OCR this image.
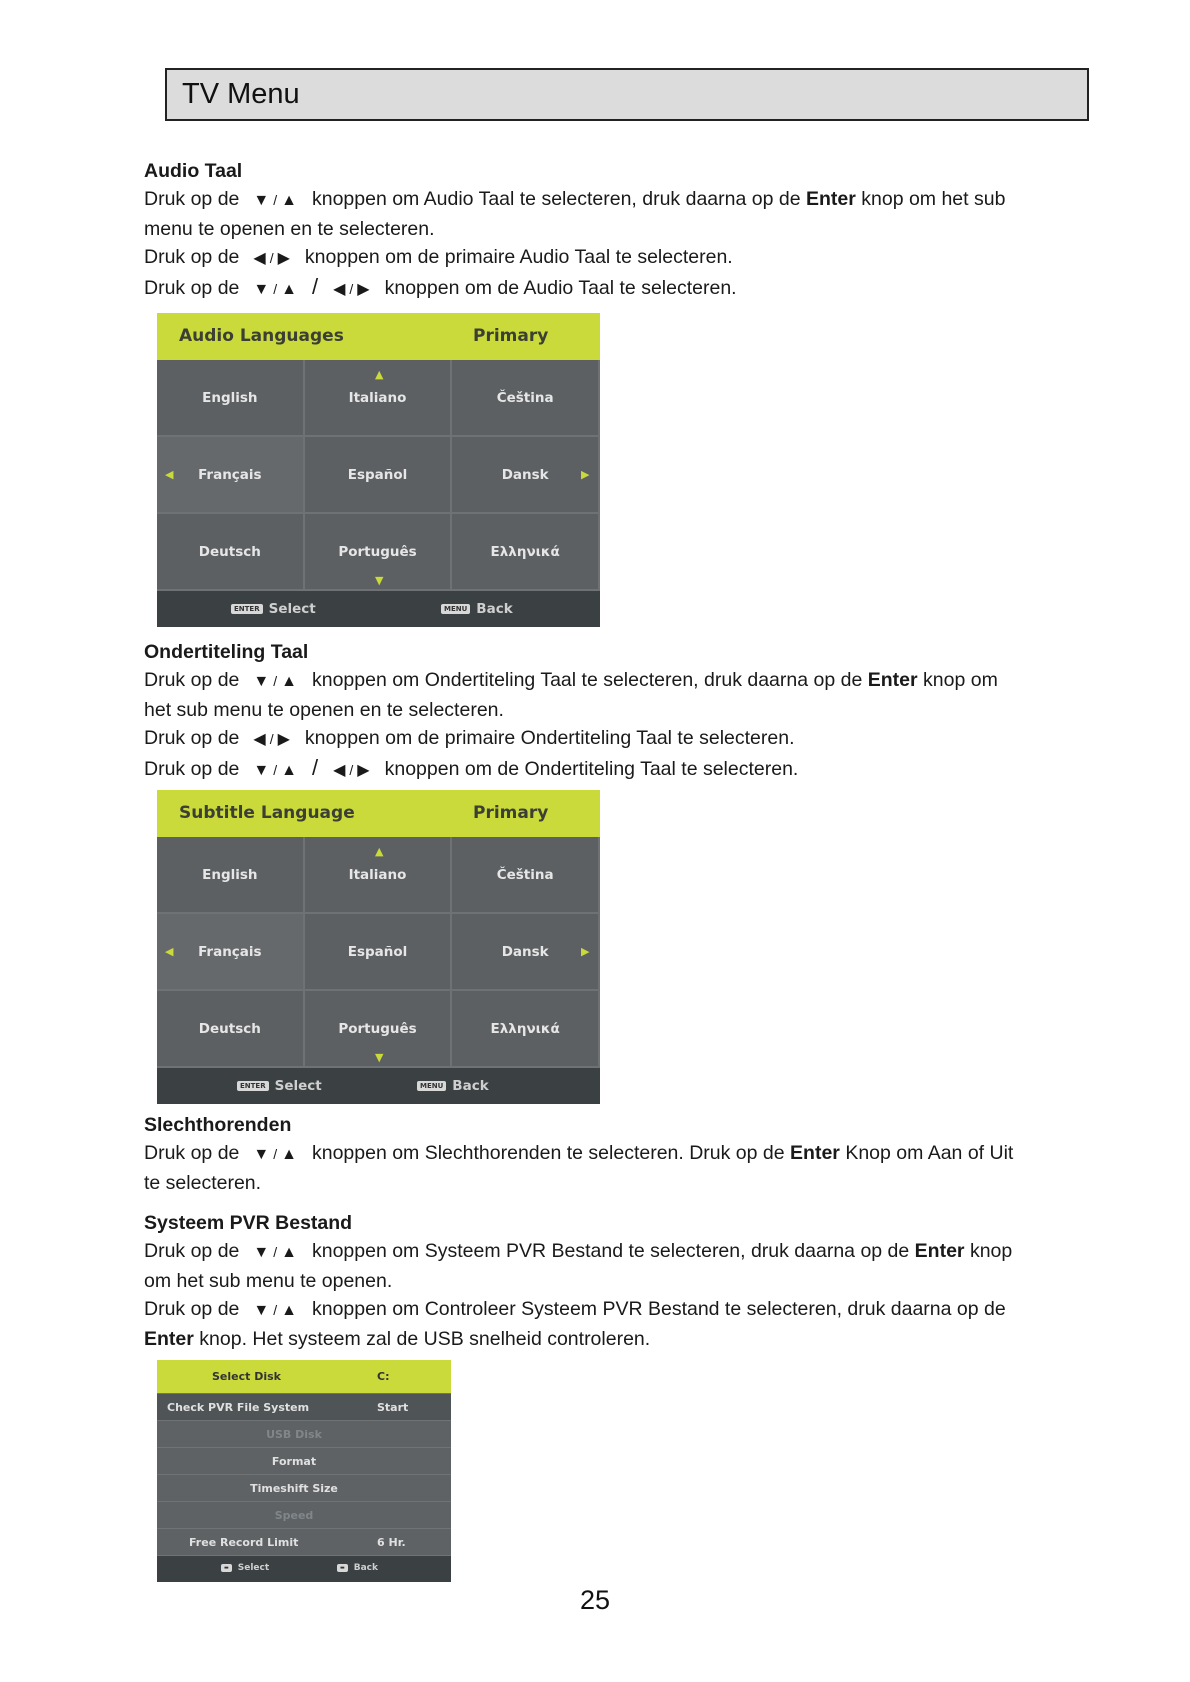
TV Menu

Audio Taal

Druk op de ▼ / ▲ knoppen om Audio Taal te selecteren, druk daarna op de Enter knop om het sub

menu te openen en te selecteren.

Druk op de ◀ / ▶ knoppen om de primaire Audio Taal te selecteren.

Druk op de ▼ / ▲ / ◀ / ▶ knoppen om de Audio Taal te selecteren.

Audio Languages	Primary
English	Italiano	Čeština
Français	Español	Dansk
Deutsch	Português	Ελληνικά
▲
▼
◀	▶
ENTER Select	MENU Back

Ondertiteling Taal

Druk op de ▼ / ▲ knoppen om Ondertiteling Taal te selecteren, druk daarna op de Enter knop om

het sub menu te openen en te selecteren.

Druk op de ◀ / ▶ knoppen om de primaire Ondertiteling Taal te selecteren.

Druk op de ▼ / ▲ / ◀ / ▶ knoppen om de Ondertiteling Taal te selecteren.

Subtitle Language	Primary
English	Italiano	Čeština
Français	Español	Dansk
Deutsch	Português	Ελληνικά
▲
▼
◀	▶
ENTER Select	MENU Back

Slechthorenden

Druk op de ▼ / ▲ knoppen om Slechthorenden te selecteren. Druk op de Enter Knop om Aan of Uit

te selecteren.

Systeem PVR Bestand

Druk op de ▼ / ▲ knoppen om Systeem PVR Bestand te selecteren, druk daarna op de Enter knop

om het sub menu te openen.

Druk op de ▼ / ▲ knoppen om Controleer Systeem PVR Bestand te selecteren, druk daarna op de

Enter knop. Het systeem zal de USB snelheid controleren.

Select Disk	C:
Check PVR File System	Start
USB Disk
Format
Timeshift Size
Speed
Free Record Limit	6 Hr.
▬ Select	▬ Back
25
